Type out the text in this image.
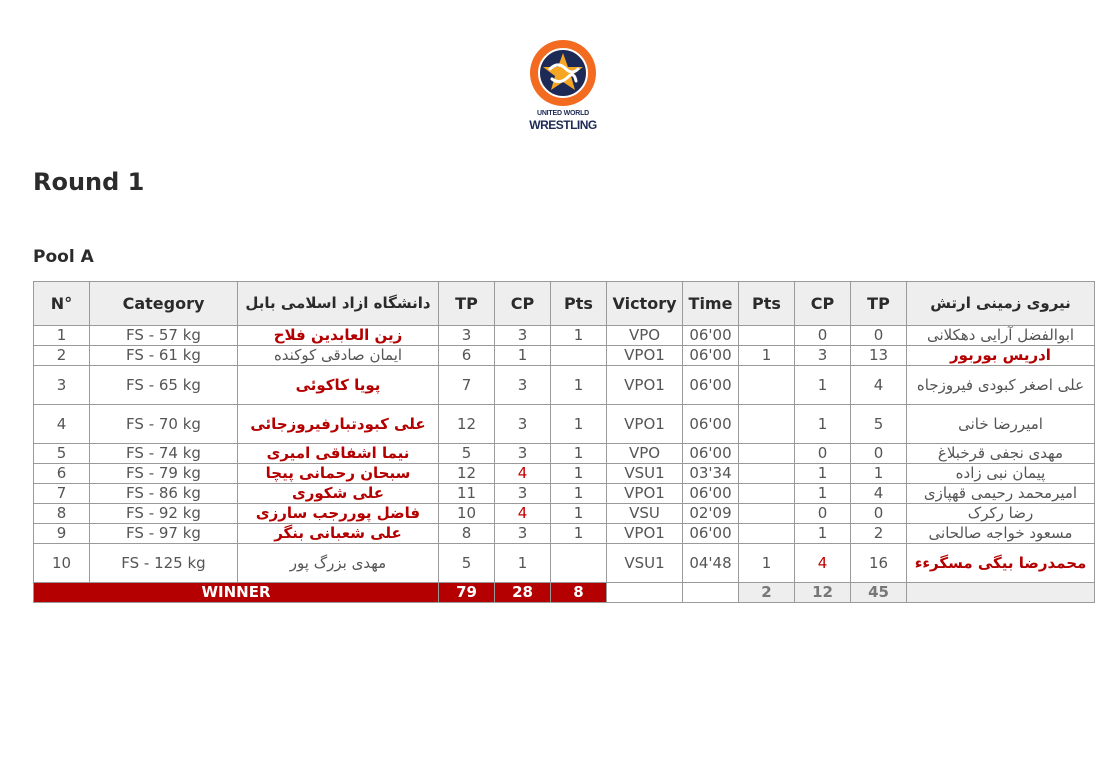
UNITED WORLD
WRESTLING
Round 1
Pool A
N°	Category	دانشگاه ازاد اسلامی بابل	TP	CP	Pts	Victory	Time	Pts	CP	TP	نیروی زمینی ارتش
1	FS - 57 kg	زین العابدین فلاح	3	3	1	VPO	06'00		0	0	ابوالفضل آرایی دهکلانی
2	FS - 61 kg	ایمان صادقی کوکنده	6	1		VPO1	06'00	1	3	13	ادریس بوربور
3	FS - 65 kg	پویا کاکوئی	7	3	1	VPO1	06'00		1	4	علی اصغر کبودی فیروزجاه
4	FS - 70 kg	علی کبودتبارفیروزجائی	12	3	1	VPO1	06'00		1	5	امیررضا خانی
5	FS - 74 kg	نیما اشفاقی امیری	5	3	1	VPO	06'00		0	0	مهدی نجفی قرخبلاغ
6	FS - 79 kg	سبحان رحمانی پیچا	12	4	1	VSU1	03'34		1	1	پیمان نبی زاده
7	FS - 86 kg	علی شکوری	11	3	1	VPO1	06'00		1	4	امیرمحمد رحیمی قهپازی
8	FS - 92 kg	فاضل پوررجب سارزی	10	4	1	VSU	02'09		0	0	رضا رکرک
9	FS - 97 kg	علی شعبانی بنگر	8	3	1	VPO1	06'00		1	2	مسعود خواجه صالحانی
10	FS - 125 kg	مهدی بزرگ پور	5	1		VSU1	04'48	1	4	16	محمدرضا بیگی مسگرءء
WINNER			79	28	8			2	12	45	
